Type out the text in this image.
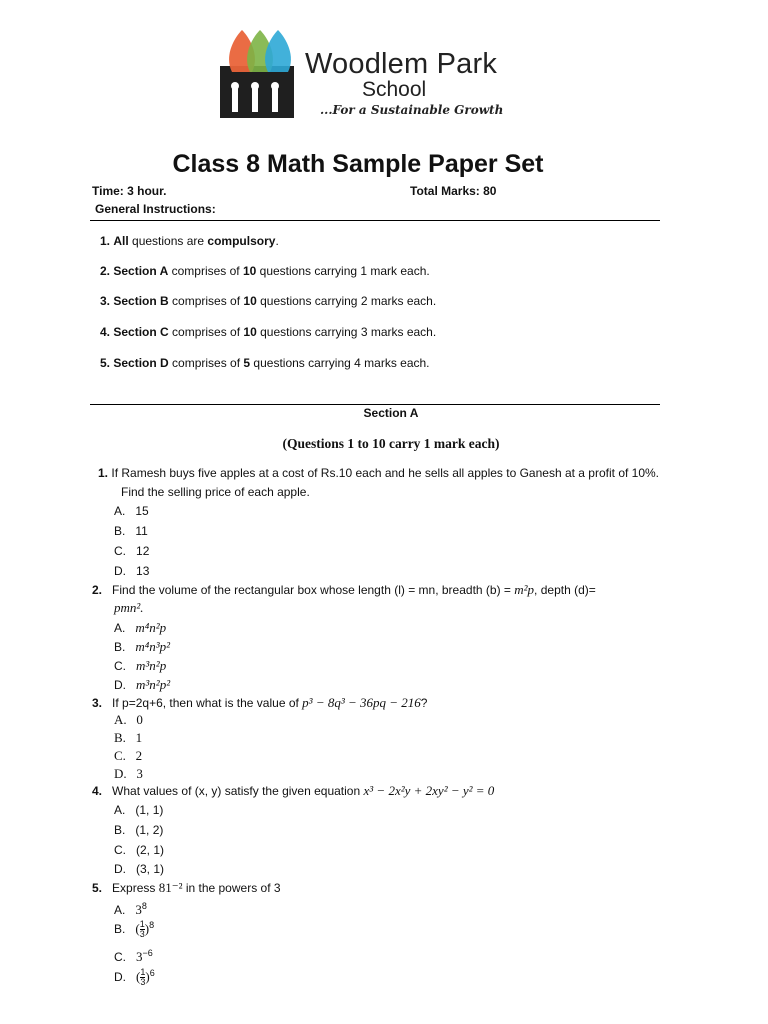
Woodlem Park
School
...For a Sustainable Growth
Class 8 Math Sample Paper Set
Time: 3 hour.	Total Marks: 80
General Instructions:
1. All questions are compulsory.
2. Section A comprises of 10 questions carrying 1 mark each.
3. Section B comprises of 10 questions carrying 2 marks each.
4. Section C comprises of 10 questions carrying 3 marks each.
5. Section D comprises of 5 questions carrying 4 marks each.
Section A
(Questions 1 to 10 carry 1 mark each)
1. If Ramesh buys five apples at a cost of Rs.10 each and he sells all apples to Ganesh at a profit of 10%.
Find the selling price of each apple.
A. 15
B. 11
C. 12
D. 13
2. Find the volume of the rectangular box whose length (l) = mn, breadth (b) = m²p, depth (d)=
pmn².
A. m⁴n²p
B. m⁴n³p²
C. m³n²p
D. m³n²p²
3. If p=2q+6, then what is the value of p³ − 8q³ − 36pq − 216?
A. 0
B. 1
C. 2
D. 3
4. What values of (x, y) satisfy the given equation x³ − 2x²y + 2xy² − y² = 0
A. (1, 1)
B. (1, 2)
C. (2, 1)
D. (3, 1)
5. Express 81⁻² in the powers of 3
A. $3^8$
B. ( $\frac{1}{3} )^8$
C. $3^{-6}$
D. ( $\frac{1}{3} )^6$
